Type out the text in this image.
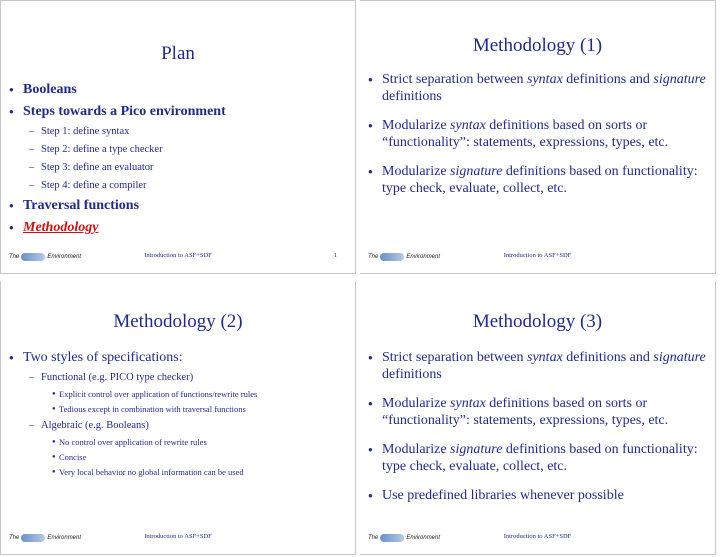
Plan
● Booleans
● Steps towards a Pico environment
– Step 1: define syntax
– Step 2: define a type checker
– Step 3: define an evaluator
– Step 4: define a compiler
● Traversal functions
● Methodology
The	Environment	Introduction to ASF+SDF	1
Methodology (1)
● Strict separation between syntax definitions and signature definitions
● Modularize syntax definitions based on sorts or “functionality”: statements, expressions, types, etc.
● Modularize signature definitions based on functionality: type check, evaluate, collect, etc.
The	Environment	Introduction to ASF+SDF
Methodology (2)
● Two styles of specifications:
– Functional (e.g. PICO type checker)
● Explicit control over application of functions/rewrite rules
● Tedious except in combination with traversal functions
– Algebraic (e.g. Booleans)
● No control over application of rewrite rules
● Concise
● Very local behavior no global information can be used
The	Environment	Introduction to ASF+SDF
Methodology (3)
● Strict separation between syntax definitions and signature definitions
● Modularize syntax definitions based on sorts or “functionality”: statements, expressions, types, etc.
● Modularize signature definitions based on functionality: type check, evaluate, collect, etc.
● Use predefined libraries whenever possible
The	Environment	Introduction to ASF+SDF
